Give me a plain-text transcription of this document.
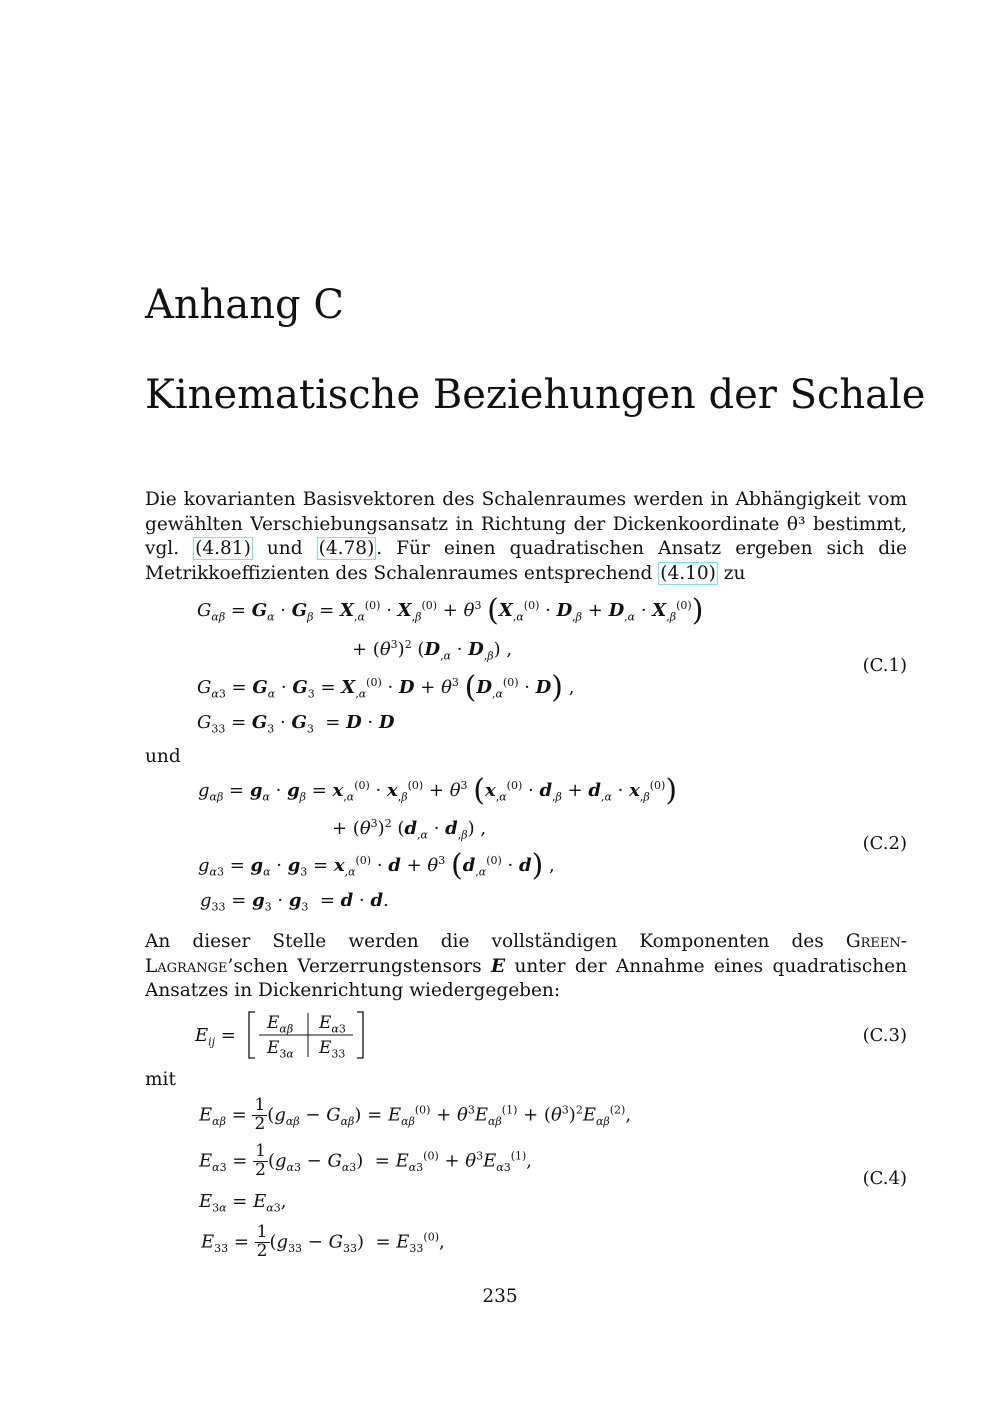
Anhang C
Kinematische Beziehungen der Schale
Die kovarianten Basisvektoren des Schalenraumes werden in Abhängigkeit vom gewählten Verschiebungsansatz in Richtung der Dickenkoordinate θ³ bestimmt, vgl. (4.81) und (4.78) . Für einen quadratischen Ansatz ergeben sich die Metrikkoeffizienten des Schalenraumes entsprechend (4.10) zu
$G_{\alpha\beta} = G_\alpha \cdot G_\beta = X_{,\alpha}^{(0)} \cdot X_{,\beta}^{(0)} + \theta^3$ $(X_{,\alpha}^{(0)} \cdot D_{,\beta} + D_{,\alpha} \cdot X_{,\beta}^{(0)})$
+ $(\theta^3)^2$ $(D_{,\alpha} \cdot D_{,\beta})$ ,
$G_{\alpha 3} = G_\alpha \cdot G_3 = X_{,\alpha}^{(0)} \cdot D + \theta^3$ $(D_{,\alpha}^{(0)} \cdot D)$ ,
$G_{33} = G_3 \cdot G_3 = D \cdot D$
(C.1)
und
$g_{\alpha\beta} = g_\alpha \cdot g_\beta = x_{,\alpha}^{(0)} \cdot x_{,\beta}^{(0)} + \theta^3$ $(x_{,\alpha}^{(0)} \cdot d_{,\beta} + d_{,\alpha} \cdot x_{,\beta}^{(0)})$
+ $(\theta^3)^2$ $(d_{,\alpha} \cdot d_{,\beta})$ ,
$g_{\alpha 3} = g_\alpha \cdot g_3 = x_{,\alpha}^{(0)} \cdot d + \theta^3$ $(d_{,\alpha}^{(0)} \cdot d)$ ,
$g_{33} = g_3 \cdot g_3 = d \cdot d$.
(C.2)
An dieser Stelle werden die vollständigen Komponenten des Green-Lagrange’schen Verzerrungstensors E unter der Annahme eines quadratischen Ansatzes in Dickenrichtung wiedergegeben:
$E_{ij}$ =
$E_{\alpha\beta}$ $E_{\alpha 3}$
$E_{3\alpha}$ $E_{33}$
(C.3)
mit
$E_{\alpha\beta} = \frac{1}{2} (g_{\alpha\beta} - G_{\alpha\beta}) = E_{\alpha\beta}^{(0)} + \theta^3E_{\alpha\beta}^{(1)} + (\theta^3)^2E_{\alpha\beta}^{(2)}$,
$E_{\alpha 3} = \frac{1}{2} (g_{\alpha 3} - G_{\alpha 3}) = E_{\alpha 3}^{(0)} + \theta^3E_{\alpha 3}^{(1)}$,
$E_{3\alpha} = E_{\alpha 3}$,
$E_{33} = \frac{1}{2} (g_{33} - G_{33}) = E_{33}^{(0)}$,
(C.4)
235
